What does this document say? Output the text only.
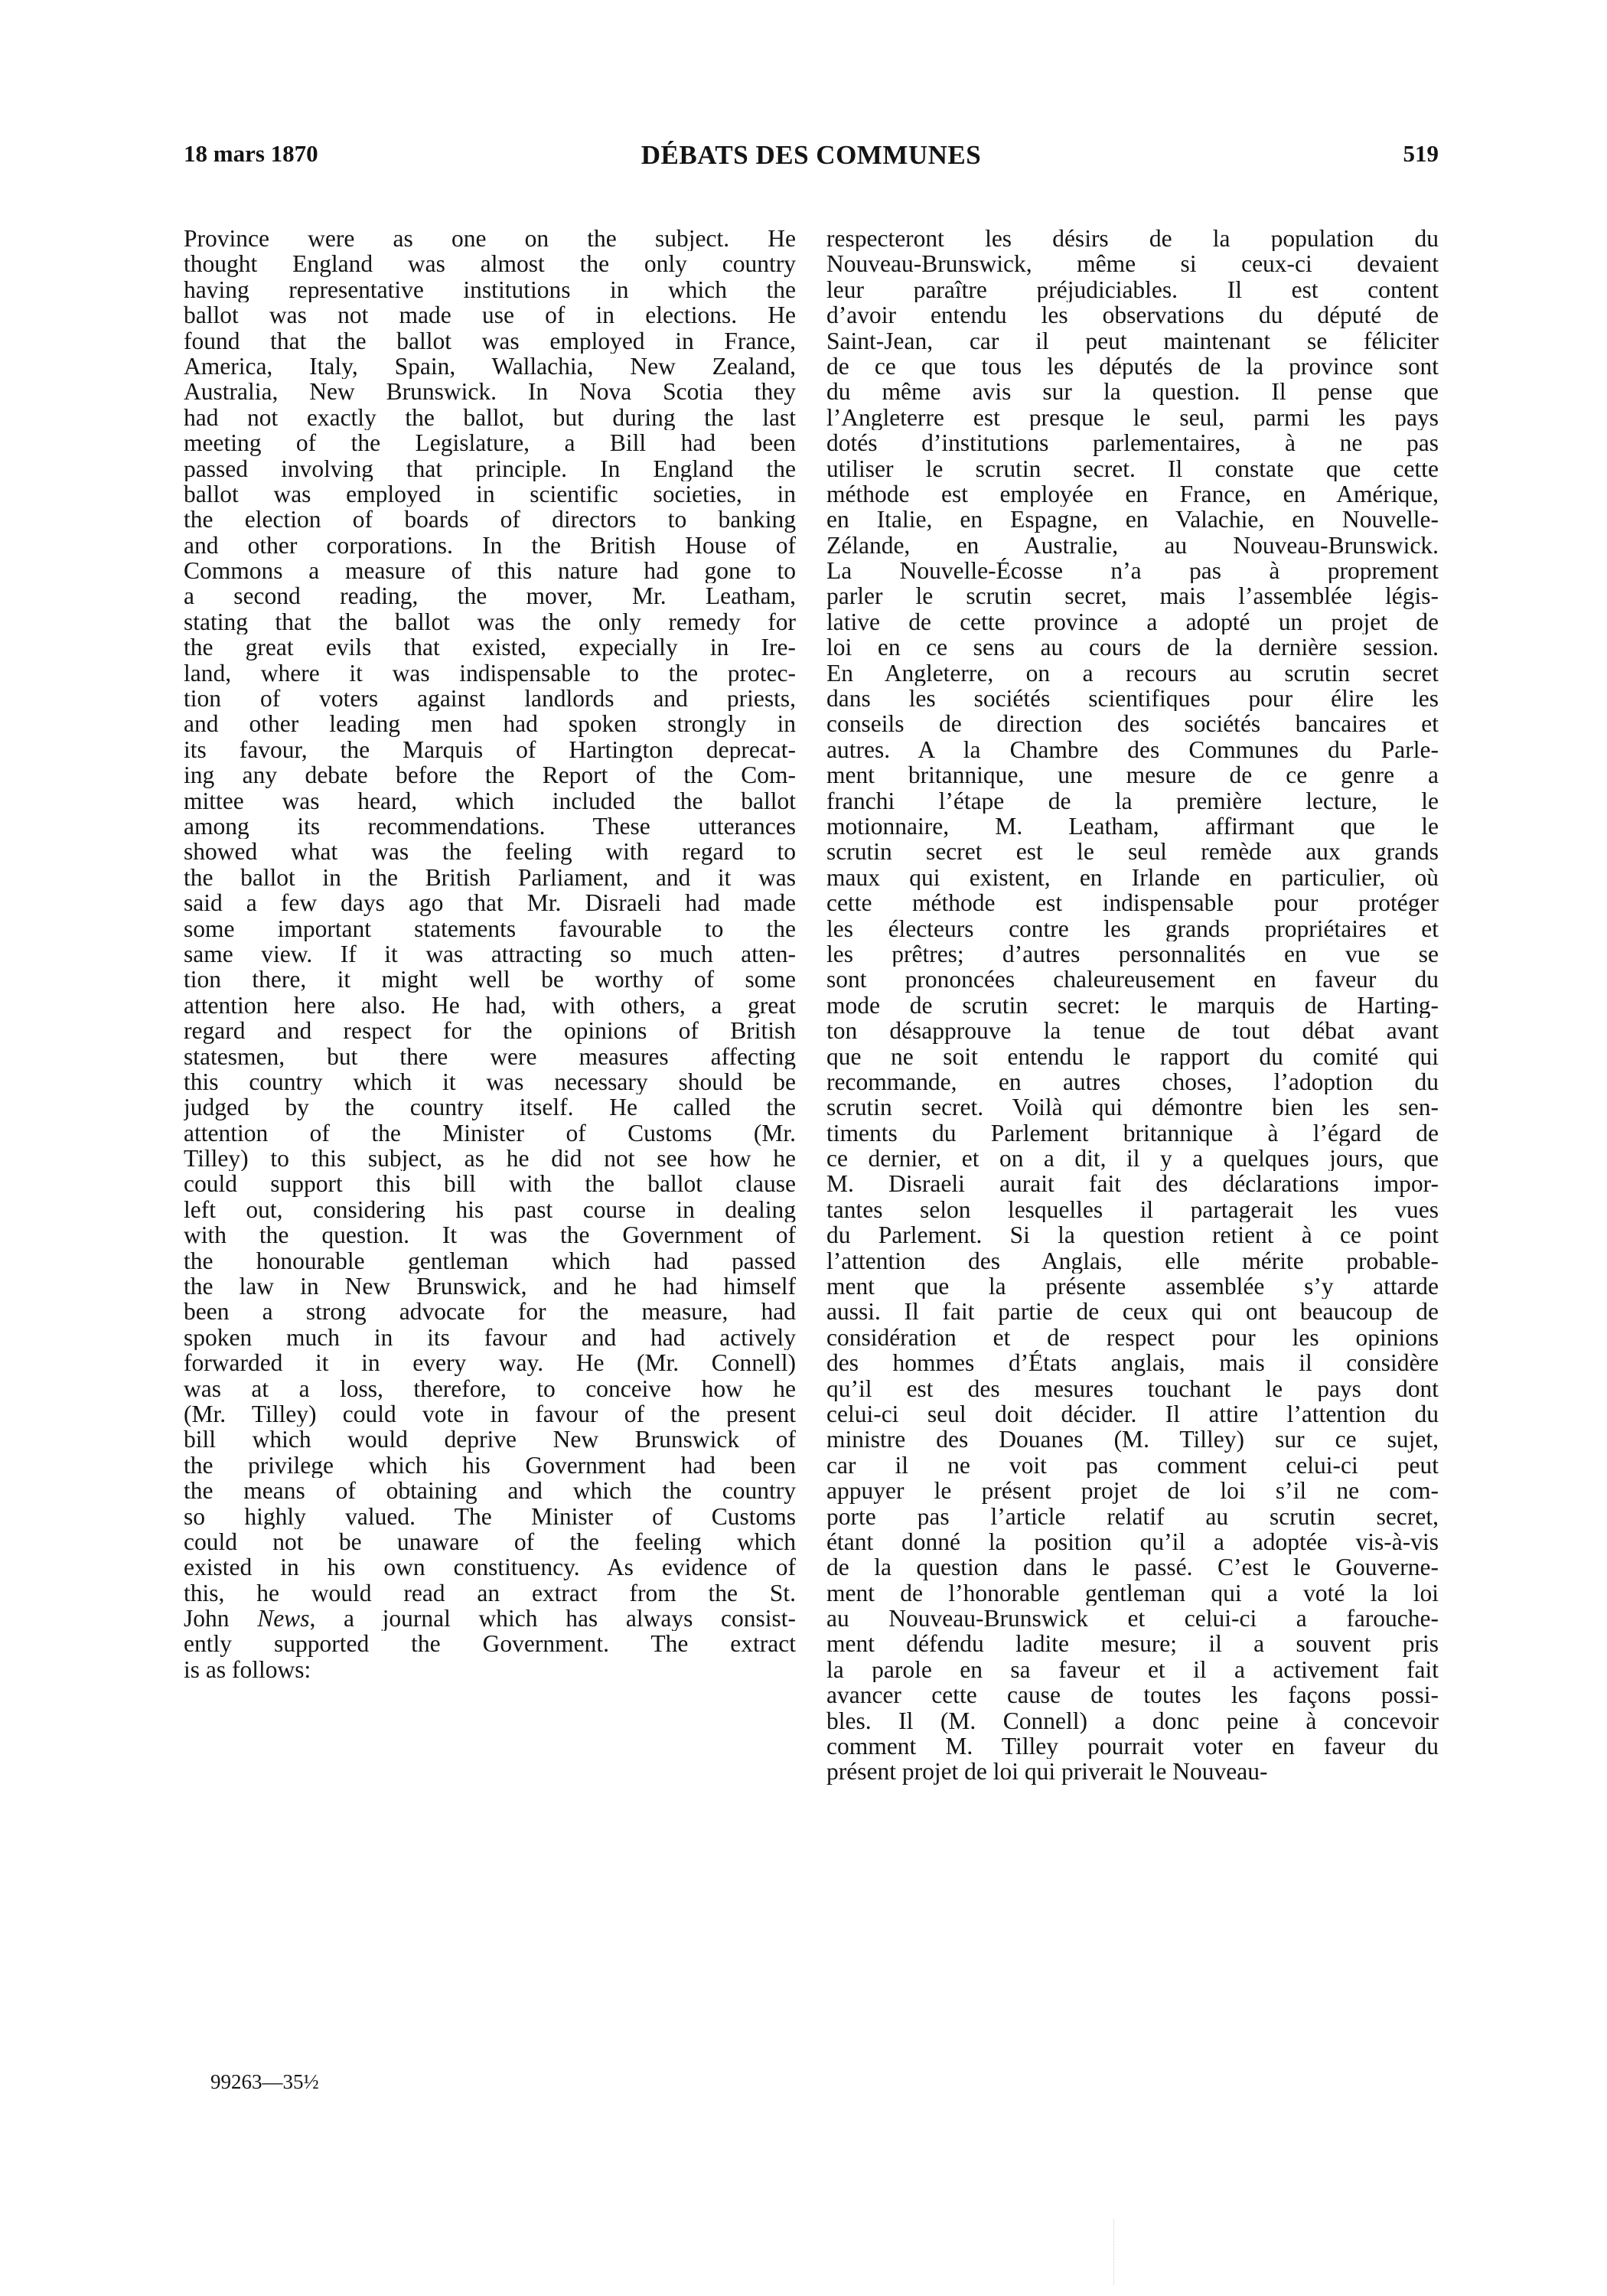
18 mars 1870	DÉBATS DES COMMUNES	519
Province were as one on the subject. He
thought England was almost the only country
having representative institutions in which the
ballot was not made use of in elections. He
found that the ballot was employed in France,
America, Italy, Spain, Wallachia, New Zealand,
Australia, New Brunswick. In Nova Scotia they
had not exactly the ballot, but during the last
meeting of the Legislature, a Bill had been
passed involving that principle. In England the
ballot was employed in scientific societies, in
the election of boards of directors to banking
and other corporations. In the British House of
Commons a measure of this nature had gone to
a second reading, the mover, Mr. Leatham,
stating that the ballot was the only remedy for
the great evils that existed, expecially in Ire-
land, where it was indispensable to the protec-
tion of voters against landlords and priests,
and other leading men had spoken strongly in
its favour, the Marquis of Hartington deprecat-
ing any debate before the Report of the Com-
mittee was heard, which included the ballot
among its recommendations. These utterances
showed what was the feeling with regard to
the ballot in the British Parliament, and it was
said a few days ago that Mr. Disraeli had made
some important statements favourable to the
same view. If it was attracting so much atten-
tion there, it might well be worthy of some
attention here also. He had, with others, a great
regard and respect for the opinions of British
statesmen, but there were measures affecting
this country which it was necessary should be
judged by the country itself. He called the
attention of the Minister of Customs (Mr.
Tilley) to this subject, as he did not see how he
could support this bill with the ballot clause
left out, considering his past course in dealing
with the question. It was the Government of
the honourable gentleman which had passed
the law in New Brunswick, and he had himself
been a strong advocate for the measure, had
spoken much in its favour and had actively
forwarded it in every way. He (Mr. Connell)
was at a loss, therefore, to conceive how he
(Mr. Tilley) could vote in favour of the present
bill which would deprive New Brunswick of
the privilege which his Government had been
the means of obtaining and which the country
so highly valued. The Minister of Customs
could not be unaware of the feeling which
existed in his own constituency. As evidence of
this, he would read an extract from the St.
John News, a journal which has always consist-
ently supported the Government. The extract
is as follows:
respecteront les désirs de la population du
Nouveau-Brunswick, même si ceux-ci devaient
leur paraître préjudiciables. Il est content
d’avoir entendu les observations du député de
Saint-Jean, car il peut maintenant se féliciter
de ce que tous les députés de la province sont
du même avis sur la question. Il pense que
l’Angleterre est presque le seul, parmi les pays
dotés d’institutions parlementaires, à ne pas
utiliser le scrutin secret. Il constate que cette
méthode est employée en France, en Amérique,
en Italie, en Espagne, en Valachie, en Nouvelle-
Zélande, en Australie, au Nouveau-Brunswick.
La Nouvelle-Écosse n’a pas à proprement
parler le scrutin secret, mais l’assemblée légis-
lative de cette province a adopté un projet de
loi en ce sens au cours de la dernière session.
En Angleterre, on a recours au scrutin secret
dans les sociétés scientifiques pour élire les
conseils de direction des sociétés bancaires et
autres. A la Chambre des Communes du Parle-
ment britannique, une mesure de ce genre a
franchi l’étape de la première lecture, le
motionnaire, M. Leatham, affirmant que le
scrutin secret est le seul remède aux grands
maux qui existent, en Irlande en particulier, où
cette méthode est indispensable pour protéger
les électeurs contre les grands propriétaires et
les prêtres; d’autres personnalités en vue se
sont prononcées chaleureusement en faveur du
mode de scrutin secret: le marquis de Harting-
ton désapprouve la tenue de tout débat avant
que ne soit entendu le rapport du comité qui
recommande, en autres choses, l’adoption du
scrutin secret. Voilà qui démontre bien les sen-
timents du Parlement britannique à l’égard de
ce dernier, et on a dit, il y a quelques jours, que
M. Disraeli aurait fait des déclarations impor-
tantes selon lesquelles il partagerait les vues
du Parlement. Si la question retient à ce point
l’attention des Anglais, elle mérite probable-
ment que la présente assemblée s’y attarde
aussi. Il fait partie de ceux qui ont beaucoup de
considération et de respect pour les opinions
des hommes d’États anglais, mais il considère
qu’il est des mesures touchant le pays dont
celui-ci seul doit décider. Il attire l’attention du
ministre des Douanes (M. Tilley) sur ce sujet,
car il ne voit pas comment celui-ci peut
appuyer le présent projet de loi s’il ne com-
porte pas l’article relatif au scrutin secret,
étant donné la position qu’il a adoptée vis-à-vis
de la question dans le passé. C’est le Gouverne-
ment de l’honorable gentleman qui a voté la loi
au Nouveau-Brunswick et celui-ci a farouche-
ment défendu ladite mesure; il a souvent pris
la parole en sa faveur et il a activement fait
avancer cette cause de toutes les façons possi-
bles. Il (M. Connell) a donc peine à concevoir
comment M. Tilley pourrait voter en faveur du
présent projet de loi qui priverait le Nouveau-
99263—35½
